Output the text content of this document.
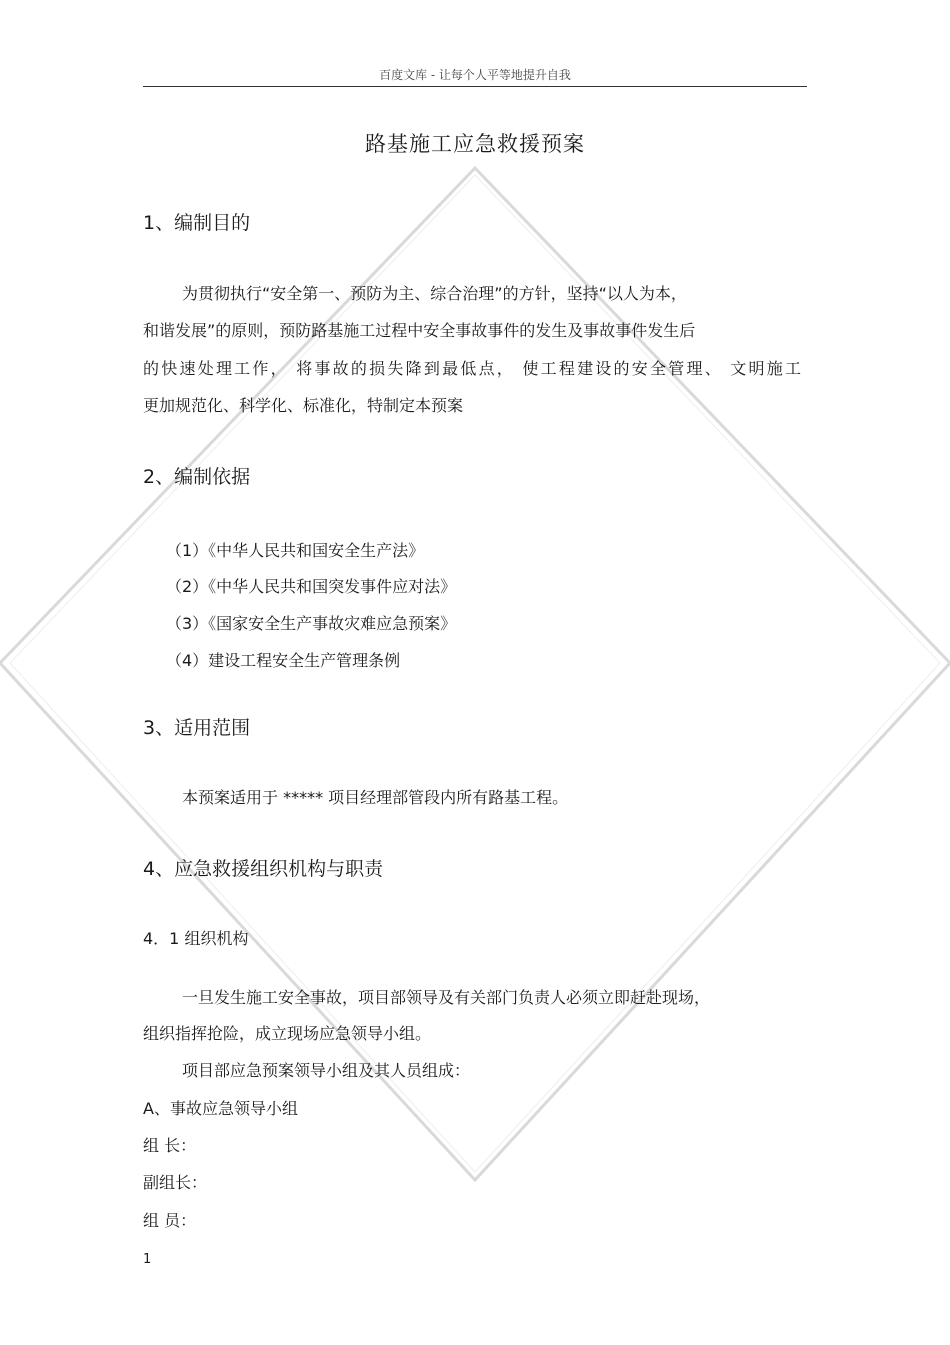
百度文库 - 让每个人平等地提升自我
路基施工应急救援预案
1、编制目的
为贯彻执行“安全第一、预防为主、综合治理”的方针，坚持“以人为本，
和谐发展”的原则，预防路基施工过程中安全事故事件的发生及事故事件发生后
的快速处理工作， 将事故的损失降到最低点， 使工程建设的安全管理、 文明施工
更加规范化、科学化、标准化，特制定本预案
2、编制依据
（1）《中华人民共和国安全生产法》
（2）《中华人民共和国突发事件应对法》
（3）《国家安全生产事故灾难应急预案》
（4）建设工程安全生产管理条例
3、适用范围
本预案适用于 ***** 项目经理部管段内所有路基工程。
4、应急救援组织机构与职责
4．1 组织机构
一旦发生施工安全事故，项目部领导及有关部门负责人必须立即赶赴现场，
组织指挥抢险，成立现场应急领导小组。
项目部应急预案领导小组及其人员组成：
A、事故应急领导小组
组 长：
副组长：
组 员：
1
